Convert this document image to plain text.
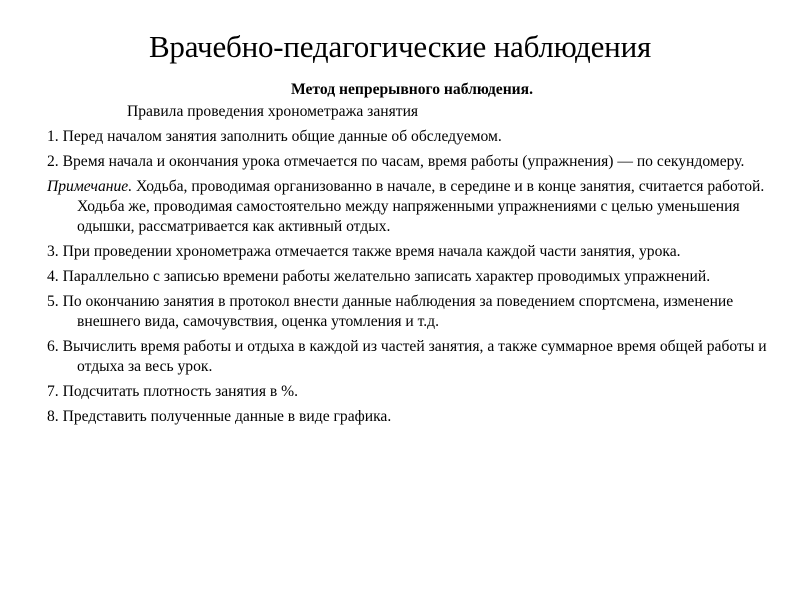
Врачебно-педагогические наблюдения
Метод непрерывного наблюдения.
Правила проведения хронометража занятия
1. Перед началом занятия заполнить общие данные об обследуемом.
2. Время начала и окончания урока отмечается по часам, время работы (упражнения) — по секундомеру.
Примечание. Ходьба, проводимая организованно в начале, в середине и в конце занятия, считается работой. Ходьба же, проводимая самостоятельно между напряженными упражнениями с целью уменьшения одышки, рассматривается как активный отдых.
3. При проведении хронометража отмечается также время начала каждой части занятия, урока.
4. Параллельно с записью времени работы желательно записать характер проводимых упражнений.
5. По окончанию занятия в протокол внести данные наблюдения за поведением спортсмена, изменение внешнего вида, самочувствия, оценка утомления и т.д.
6. Вычислить время работы и отдыха в каждой из частей занятия, а также суммарное время общей работы и отдыха за весь урок.
7. Подсчитать плотность занятия в %.
8. Представить полученные данные в виде графика.
